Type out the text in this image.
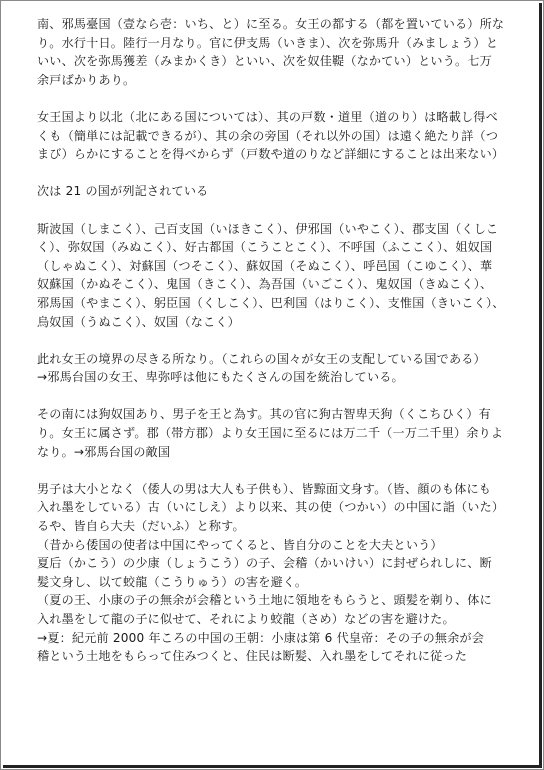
南、邪馬臺国（壹なら壱：いち、と）に至る。女王の都する（都を置いている）所な
り。水行十日。陸行一月なり。官に伊支馬（いきま）、次を弥馬升（みましょう）と
いい、次を弥馬獲差（みまかくき）といい、次を奴佳鞮（なかてい）という。七万
余戸ばかりあり。
女王国より以北（北にある国については）、其の戸数・道里（道のり）は略載し得べ
くも（簡単には記載できるが）、其の余の旁国（それ以外の国）は遠く絶たり詳（つ
まび）らかにすることを得べからず（戸数や道のりなど詳細にすることは出来ない）
次は 21 の国が列記されている
斯波国（しまこく）、己百支国（いほきこく）、伊邪国（いやこく）、郡支国（くしこ
く）、弥奴国（みぬこく）、好古都国（こうことこく）、不呼国（ふここく）、姐奴国
（しゃぬこく）、対蘇国（つそこく）、蘇奴国（そぬこく）、呼邑国（こゆこく）、華
奴蘇国（かぬそこく）、鬼国（きこく）、為吾国（いごこく）、鬼奴国（きぬこく）、
邪馬国（やまこく）、躬臣国（くしこく）、巴利国（はりこく）、支惟国（きいこく）、
烏奴国（うぬこく）、奴国（なこく）
此れ女王の境界の尽きる所なり。（これらの国々が女王の支配している国である）
→邪馬台国の女王、卑弥呼は他にもたくさんの国を統治している。
その南には狗奴国あり、男子を王と為す。其の官に狗古智卑天狗（くこちひく）有
り。女王に属さず。郡（帯方郡）より女王国に至るには万二千（一万二千里）余りよ
なり。→邪馬台国の敵国
男子は大小となく（倭人の男は大人も子供も）、皆黥面文身す。（皆、顔のも体にも
入れ墨をしている）古（いにしえ）より以来、其の使（つかい）の中国に詣（いた）
るや、皆自ら大夫（だいふ）と称す。
（昔から倭国の使者は中国にやってくると、皆自分のことを大夫という）
夏后（かこう）の少康（しょうこう）の子、会稽（かいけい）に封ぜられしに、断
髪文身し、以て蛟龍（こうりゅう）の害を避く。
（夏の王、小康の子の無余が会稽という土地に領地をもらうと、頭髪を剃り、体に
入れ墨をして龍の子に似せて、それにより蛟龍（さめ）などの害を避けた。
→夏：紀元前 2000 年ころの中国の王朝：小康は第 6 代皇帝：その子の無余が会
稽という土地をもらって住みつくと、住民は断髪、入れ墨をしてそれに従った
